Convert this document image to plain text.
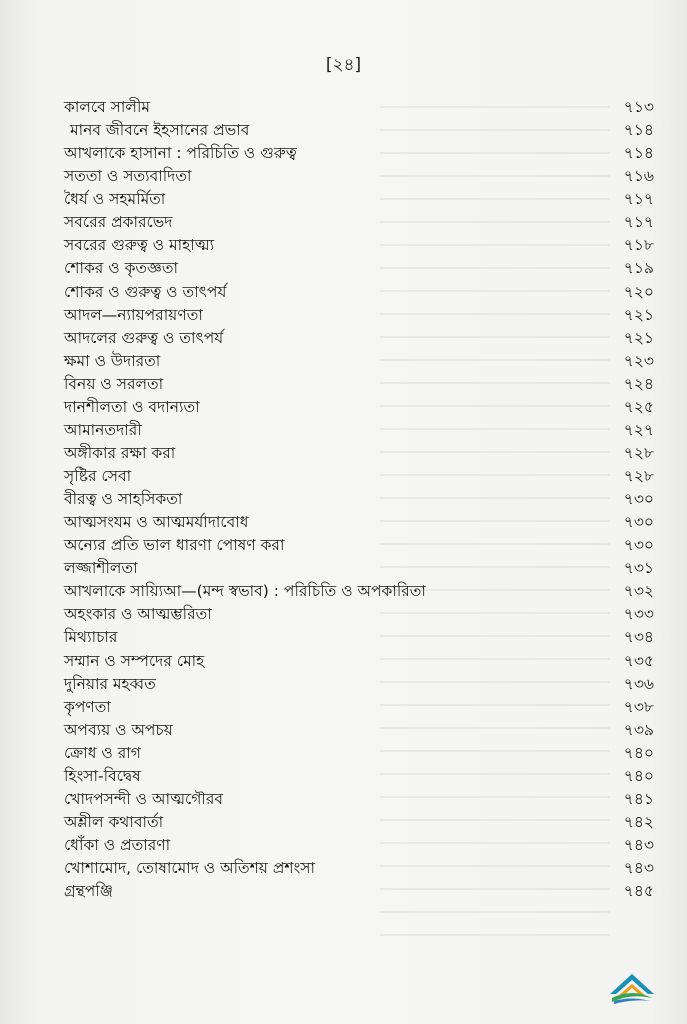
[২৪]
কালবে সালীম	৭১৩
মানব জীবনে ইহসানের প্রভাব	৭১৪
আখলাকে হাসানা : পরিচিতি ও গুরুত্ব	৭১৪
সততা ও সত্যবাদিতা	৭১৬
ধৈর্য ও সহমর্মিতা	৭১৭
সবরের প্রকারভেদ	৭১৭
সবরের গুরুত্ব ও মাহাত্ম্য	৭১৮
শোকর ও কৃতজ্ঞতা	৭১৯
শোকর ও গুরুত্ব ও তাৎপর্য	৭২০
আদল—ন্যায়পরায়ণতা	৭২১
আদলের গুরুত্ব ও তাৎপর্য	৭২১
ক্ষমা ও উদারতা	৭২৩
বিনয় ও সরলতা	৭২৪
দানশীলতা ও বদান্যতা	৭২৫
আমানতদারী	৭২৭
অঙ্গীকার রক্ষা করা	৭২৮
সৃষ্টির সেবা	৭২৮
বীরত্ব ও সাহসিকতা	৭৩০
আত্মসংযম ও আত্মমর্যাদাবোধ	৭৩০
অন্যের প্রতি ভাল ধারণা পোষণ করা	৭৩০
লজ্জাশীলতা	৭৩১
আখলাকে সায়্যিআ—(মন্দ স্বভাব) : পরিচিতি ও অপকারিতা	৭৩২
অহংকার ও আত্মম্ভরিতা	৭৩৩
মিথ্যাচার	৭৩৪
সম্মান ও সম্পদের মোহ	৭৩৫
দুনিয়ার মহব্বত	৭৩৬
কৃপণতা	৭৩৮
অপব্যয় ও অপচয়	৭৩৯
ক্রোধ ও রাগ	৭৪০
হিংসা-বিদ্বেষ	৭৪০
খোদপসন্দী ও আত্মগৌরব	৭৪১
অশ্লীল কথাবার্তা	৭৪২
ধোঁকা ও প্রতারণা	৭৪৩
খোশামোদ, তোষামোদ ও অতিশয় প্রশংসা	৭৪৩
গ্রন্থপঞ্জি	৭৪৫
